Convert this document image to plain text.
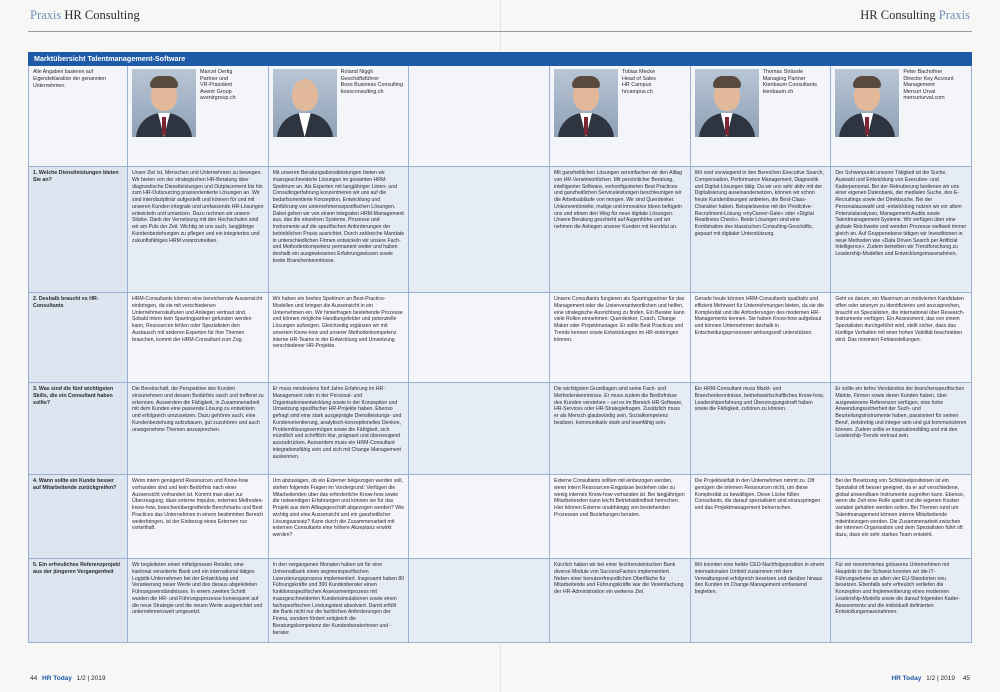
Praxis HR Consulting	HR Consulting Praxis
Marktübersicht Talentmanagement-Software
Alle Angaben basieren auf Eigendeklaration der genannten Unternehmen.
Marcel Oertig
Partner und
VR-Präsident
Avenir Group
avenirgroup.ch
Roland Niggli
Geschäftsführer
Boss Business Consulting
bossconsulting.ch
Tobias Mecke
Head of Sales
HR Campus
hrcampus.ch
Thomas Strässle
Managing Partner
Kienbaum Consultants
kienbaum.ch
Peter Bachofner
Director Key Account
Management
Mercuri Urval
mercuriurval.com
1. Welche Dienstleistungen bieten Sie an?
Unser Ziel ist, Menschen und Unternehmen zu bewegen. Wir bieten von der strategischen HR-Beratung über diagnostische Dienstleistungen und Outplacement bis hin zum HR-Outsourcing praxisorientierte Lösungen an. Wir sind interdisziplinär aufgestellt und können für und mit unseren Kunden integrale und umfassende HR-Lösungen entwickeln und umsetzen. Dazu rechnen wir unsere Stärke. Dank der Vernetzung mit den Hochschulen sind wir am Puls der Zeit. Wichtig ist uns auch, langjährige Kundenbeziehungen zu pflegen und ein integriertes und zukunftsfähiges HRM voranzutreiben.
Mit unseren Beratungsdienstleistungen bieten wir massgeschneiderte Lösungen im gesamten HRM-Spektrum an. Als Experten mit langjähriger Linien- und Consultingerfahrung konzentrieren wir uns auf die bedarfsorientierte Konzeption, Entwicklung und Einführung von unternehmensspezifischen Lösungen. Dabei gehen wir von einem integralen HRM-Management aus, das die einzelnen Systeme, Prozesse und Instrumente auf die spezifischen Anforderungen der betrieblichen Praxis ausrichtet. Durch zahlreiche Mandate in unterschiedlichen Firmen entwickeln wir unsere Fach- und Methodenkompetenz permanent weiter und haben deshalb ein ausgewiesenes Erfahrungswissen sowie breite Branchenkenntnisse.
Mit ganzheitlichen Lösungen vereinfachen wir den Alltag von HR-Verantwortlichen. Mit persönlicher Beratung, intelligenter Software, vorkonfigurierten Best Practices und ganzheitlichen Serviceleistungen beschleunigen wir die Arbeitsabläufe von morgen. Wir sind Querdenker. Unkonventionelle, mutige und innovative Ideen befügeln uns und ebnen den Weg für neue digitale Lösungen. Unsere Beratung geschieht auf Augenhöhe und wir nehmen die Anliegen unserer Kunden mit Herzblut an.
Wir sind vorwiegend in den Bereichen Executive Search, Compensation, Performance Management, Diagnostik und Digital-Lösungen tätig. Da wir uns sehr aktiv mit der Digitalisierung auseinandersetzen, können wir schon heute Kundenlösungen anbieten, die Best-Class-Charakter haben. Beispielsweise mit der Predictive-Recruitment-Lösung «myCareer-Gate» oder «Digital Readiness Check». Beide Lösungen sind eine Kombination des klassischen Consulting-Geschäfts, gepaart mit digitaler Unterstützung.
Der Schwerpunkt unserer Tätigkeit ist die Suche, Auswahl und Entwicklung von Executive- und Kaderpersonal. Bei der Rekrutierung bedienen wir uns einer eigenen Datenbank, der medialen Suche, des E-Recruitings sowie der Direktsuche. Bei der Personalauswahl und -entwicklung nutzen wir vor allem Potenzialanalysen, Management Audits sowie Talentmanagement-Systeme. Wir verfügen über eine globale Reichweite und wenden Prozesse weltweit immer gleich an. Auf Gruppenebene tätigen wir Investitionen in neue Methoden wie «Data Driven Search per Artificial Intelligence». Zudem betreiben wir Trendforschung zu Leadership-Modellen und Entwicklungsmassnahmen.
2. Deshalb braucht es HR-Consultants
HRM-Consultants können eine bereichernde Aussensicht einbringen, da sie mit verschiedenen Unternehmenskulturen und Anliegen vertraut sind. Sobald intern kein Sparringpartner gefunden werden kann, Ressourcen fehlen oder Spezialisten den Austausch mit anderen Experten für ihre Themen brauchen, kommt der HRM-Consultant zum Zug.
Wir haben ein breites Spektrum an Best-Practice-Modellen und bringen die Aussensicht in ein Unternehmen ein. Wir hinterfragen bestehende Prozesse und können mögliche Handlungsfelder und potenzielle Lösungen aufzeigen. Gleichzeitig ergänzen wir mit unserem Know-how und unserer Methodenkompetenz interne HR-Teams in der Entwicklung und Umsetzung verschiedener HR-Projekte.
Unsere Consultants fungieren als Sparringpartner für das Management oder die Linienverantwortlichen und helfen, eine strategische Ausrichtung zu finden. Ein Berater kann viele Rollen einnehmen: Querdenker, Coach, Change Maker oder Projektmanager. Er sollte Best Practices und Trends kennen sowie Entwicklungen im HR einbringen können.
Gerade heute können HRM-Consultants qualitativ und effizient Mehrwert für Unternehmungen bieten, da sie die Komplexität und die Anforderungen des modernen HR-Managements kennen. Sie haben Know-how aufgebaut und können Unternehmen deshalb in Entscheidungsprozessen wirkungsvoll unterstützen.
Geht es darum, ein Maximum an motivierten Kandidaten offen oder anonym zu identifizieren und anzusprechen, braucht es Spezialisten, die international über Research-Instrumente verfügen. Ein Assessment, das von einem Spezialisten durchgeführt wird, stellt sicher, dass das künftige Verhalten mit einer hohen Validität beschrieben wird. Das minimiert Fehlanstellungen.
3. Was sind die fünf wichtigsten Skills, die ein Consultant haben sollte?
Die Bereitschaft, die Perspektive des Kunden einzunehmen und dessen Bedürfnis rasch und treffend zu erkennen. Ausserdem die Fähigkeit, in Zusammenarbeit mit dem Kunden eine passende Lösung zu entwickeln und erfolgreich umzusetzen. Dazu gehören auch, eine Kundenbeziehung aufzubauen, gut zuzuhören und auch unangenehme Themen anzusprechen.
Er muss mindestens fünf Jahre Erfahrung im HR-Management oder in der Personal- und Organisationsentwicklung sowie in der Konzeption und Umsetzung spezifischer HR-Projekte haben. Ebenso gefragt sind eine stark ausgeprägte Dienstleistungs- und Kundenorientierung, analytisch-konzeptionelles Denken, Problemlösungsvermögen sowie die Fähigkeit, sich mündlich und schriftlich klar, prägnant und überzeugend auszudrücken. Ausserdem muss ein HRM-Consultant integrationsfähig sein und sich mit Change Management auskennen.
Die wichtigsten Grundlagen sind seine Fach- und Methodenkenntnisse. Er muss zudem die Bedürfnisse des Kunden verstehen – sei es im Bereich HR-Software, HR-Services oder HR-Strategiefragen. Zusätzlich muss er als Mensch glaubwürdig sein, Sozialkompetenz besitzen, kommunikativ stark und teamfähig sein.
Ein HRM-Consultant muss Markt- und Branchenkenntnisse, betriebswirtschaftliches Know-how, Leadershiperfahrung und Überzeugungskraft haben sowie die Fähigkeit, zuhören zu können.
Er sollte ein tiefes Verständnis der branchenspezifischen Märkte, Firmen sowie deren Kunden haben, über ausgewiesene Referenzen verfügen, eine hohe Anwendungssicherheit der Such- und Beurteilungsinstrumente haben, passioniert für seinen Beruf, zielstrebig und integer sein und gut kommunizieren können. Zudem sollte er inspirationsfähig und mit den Leadership-Trends vertraut sein.
4. Wann sollte ein Kunde besser auf Mitarbeitende zurückgreifen?
Wenn intern genügend Ressourcen und Know-how vorhanden sind und kein Bedürfnis nach einer Aussensicht vorhanden ist. Kommt man aber zur Überzeugung, dass externe Impulse, externes Methoden-know-how, branchenübergreifende Benchmarks und Best Practices das Unternehmen in einem bestimmten Bereich weiterbringen, ist der Einbezug eines Externen nur vorteilhaft.
Um abzuwägen, ob ein Externer beigezogen werden soll, stehen folgende Fragen im Vordergrund: Verfügen die Mitarbeitenden über das erforderliche Know-how sowie die notwendigen Erfahrungen und können sie für das Projekt aus dem Alltagsgeschäft abgezogen werden? Wie wichtig sind eine Aussensicht und ein ganzheitlicher Lösungsansatz? Kann durch die Zusammenarbeit mit externen Consultants eine höhere Akzeptanz erwirkt werden?
Externe Consultants sollten mit einbezogen werden, wenn intern Ressourcen-Engpässe bestehen oder zu wenig internes Know-how vorhanden ist. Bei langjährigen Mitarbeitenden kann leicht Betriebsblindheit herrschen. Hier können Externe unabhängig von bestehenden Prozessen und Beziehungen beraten.
Die Projektvielfalt in den Unternehmen nimmt zu. Oft genügen die internen Ressourcen nicht, um diese Komplexität zu bewältigen. Diese Lücke füllen Consultants, die darauf spezialisiert sind einzuspringen und das Projektmanagement beherrschen.
Bei der Besetzung von Schlüsselpositionen ist ein Spezialist oft besser geeignet, da er auf verschiedene, global anwendbare Instrumente zugreifen kann. Ebenso, wenn die Zeit eine Rolle spielt und die eigenen Kosten variabel gehalten werden sollen. Bei Themen rund um Talentmanagement können interne Mitarbeitende miteinbezogen werden. Die Zusammenarbeit zwischen der internen Organisation und dem Spezialisten führt oft dazu, dass ein sehr starkes Team entsteht.
5. Ein erfreuliches Referenzprojekt aus der jüngeren Vergangenheit
Wir begleiteten einen mittelgrossen Retailer, eine kantonal verankerte Bank und ein international tätiges Logistik-Unternehmen bei der Entwicklung und Verankerung neuer Werte und des daraus abgeleiteten Führungsverständnisses. In einem zweiten Schritt wurden die HR- und Führungsprozesse konsequent auf die neue Strategie und die neuen Werte ausgerichtet und unternehmensweit umgesetzt.
In den vergangenen Monaten haben wir für eine Universalbank einen segmentspezifischen Lizenzierungsprozess implementiert. Insgesamt haben 80 Führungskräfte und 300 Kundenberater einen funktionsspezifischen Assessmentprozess mit massgeschneiderten Kundensimulationen sowie einen fachspezifischen Leistungstest absolviert. Damit erfüllt die Bank nicht nur die fachlichen Anforderungen der Finma, sondern fördert zeitgleich die Beratungskompetenz der Kundenberaterinnen und -berater.
Kürzlich haben wir bei einer liechtensteinischen Bank diverse Module von SuccessFactors implementiert. Neben einer benutzerfreundlichen Oberfläche für Mitarbeitende und Führungskräfte war die Vereinfachung der HR-Administration ein weiteres Ziel.
Wir konnten eine heikle CEO-Nachfolgeposition in einem internationalen Umfeld zusammen mit dem Verwaltungsrat erfolgreich besetzen und darüber hinaus den Kunden im Change Management umfassend begleiten.
Für ein renommiertes grösseres Unternehmen mit Hauptsitz in der Schweiz konnten wir die IT-Führungsebene an allen vier EU-Standorten neu besetzen. Ebenfalls sehr erfreulich verliefen die Konzeption und Implementierung eines modernen Leadership-Modells sowie die darauf folgenden Kader-Assessments und die individuell definierten Entwicklungsmassnahmen.
44 HR Today 1/2 | 2019	HR Today 1/2 | 2019 45
